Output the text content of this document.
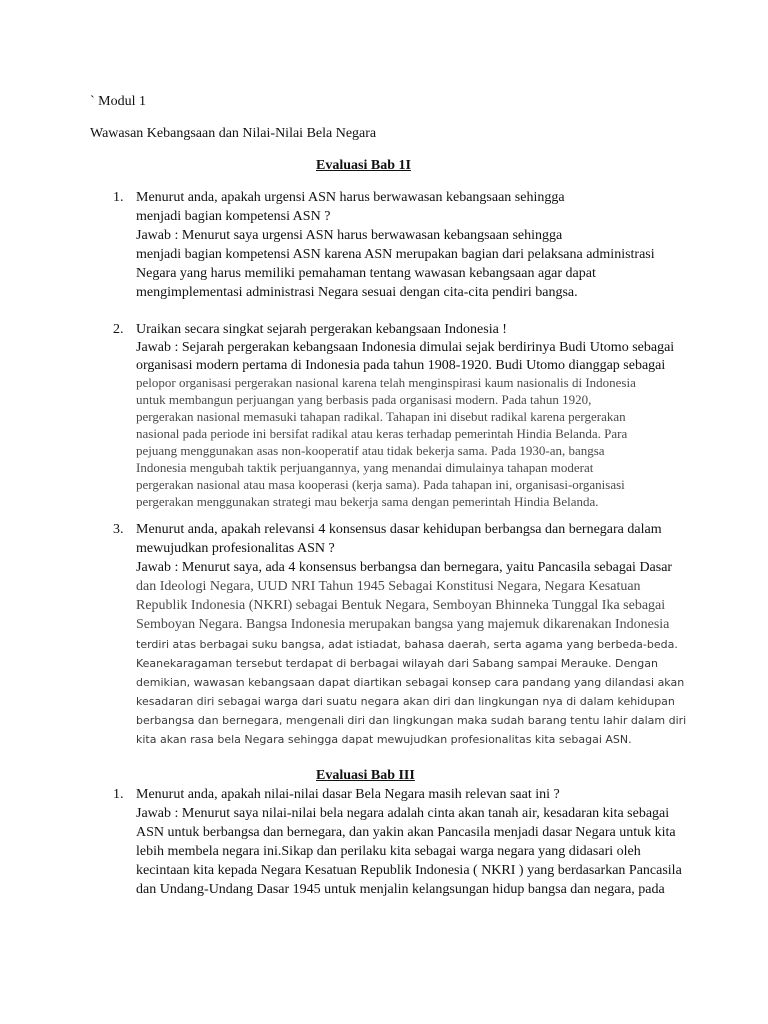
` Modul 1
Wawasan Kebangsaan dan Nilai-Nilai Bela Negara
Evaluasi Bab 1I
1. Menurut anda, apakah urgensi ASN harus berwawasan kebangsaan sehingga
menjadi bagian kompetensi ASN ?
Jawab : Menurut saya urgensi ASN harus berwawasan kebangsaan sehingga
menjadi bagian kompetensi ASN karena ASN merupakan bagian dari pelaksana administrasi
Negara yang harus memiliki pemahaman tentang wawasan kebangsaan agar dapat
mengimplementasi administrasi Negara sesuai dengan cita-cita pendiri bangsa.
2. Uraikan secara singkat sejarah pergerakan kebangsaan Indonesia !
Jawab : Sejarah pergerakan kebangsaan Indonesia dimulai sejak berdirinya Budi Utomo sebagai
organisasi modern pertama di Indonesia pada tahun 1908-1920. Budi Utomo dianggap sebagai
pelopor organisasi pergerakan nasional karena telah menginspirasi kaum nasionalis di Indonesia
untuk membangun perjuangan yang berbasis pada organisasi modern. Pada tahun 1920,
pergerakan nasional memasuki tahapan radikal. Tahapan ini disebut radikal karena pergerakan
nasional pada periode ini bersifat radikal atau keras terhadap pemerintah Hindia Belanda. Para
pejuang menggunakan asas non-kooperatif atau tidak bekerja sama. Pada 1930-an, bangsa
Indonesia mengubah taktik perjuangannya, yang menandai dimulainya tahapan moderat
pergerakan nasional atau masa kooperasi (kerja sama). Pada tahapan ini, organisasi-organisasi
pergerakan menggunakan strategi mau bekerja sama dengan pemerintah Hindia Belanda.
3. Menurut anda, apakah relevansi 4 konsensus dasar kehidupan berbangsa dan bernegara dalam
mewujudkan profesionalitas ASN ?
Jawab : Menurut saya, ada 4 konsensus berbangsa dan bernegara, yaitu Pancasila sebagai Dasar
dan Ideologi Negara, UUD NRI Tahun 1945 Sebagai Konstitusi Negara, Negara Kesatuan
Republik Indonesia (NKRI) sebagai Bentuk Negara, Semboyan Bhinneka Tunggal Ika sebagai
Semboyan Negara. Bangsa Indonesia merupakan bangsa yang majemuk dikarenakan Indonesia
terdiri atas berbagai suku bangsa, adat istiadat, bahasa daerah, serta agama yang berbeda-beda.
Keanekaragaman tersebut terdapat di berbagai wilayah dari Sabang sampai Merauke. Dengan
demikian, wawasan kebangsaan dapat diartikan sebagai konsep cara pandang yang dilandasi akan
kesadaran diri sebagai warga dari suatu negara akan diri dan lingkungan nya di dalam kehidupan
berbangsa dan bernegara, mengenali diri dan lingkungan maka sudah barang tentu lahir dalam diri
kita akan rasa bela Negara sehingga dapat mewujudkan profesionalitas kita sebagai ASN.
Evaluasi Bab III
1. Menurut anda, apakah nilai-nilai dasar Bela Negara masih relevan saat ini ?
Jawab : Menurut saya nilai-nilai bela negara adalah cinta akan tanah air, kesadaran kita sebagai
ASN untuk berbangsa dan bernegara, dan yakin akan Pancasila menjadi dasar Negara untuk kita
lebih membela negara ini.Sikap dan perilaku kita sebagai warga negara yang didasari oleh
kecintaan kita kepada Negara Kesatuan Republik Indonesia ( NKRI ) yang berdasarkan Pancasila
dan Undang-Undang Dasar 1945 untuk menjalin kelangsungan hidup bangsa dan negara, pada
